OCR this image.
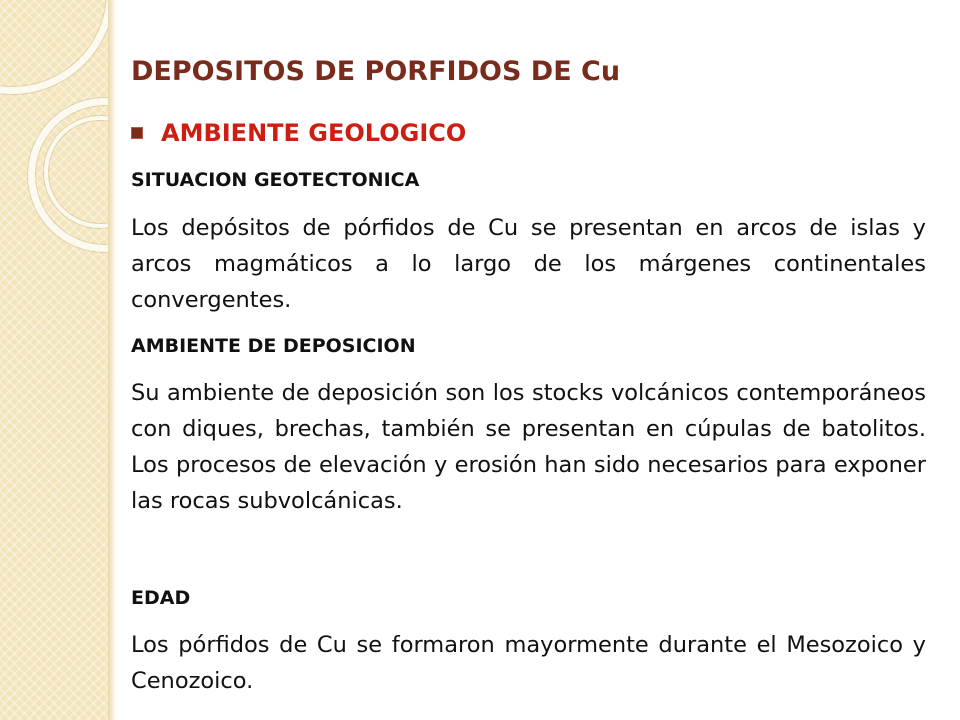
DEPOSITOS DE PORFIDOS DE Cu
AMBIENTE GEOLOGICO
SITUACION GEOTECTONICA

Los depósitos de pórfidos de Cu se presentan en arcos de islas y arcos magmáticos a lo largo de los márgenes continentales convergentes.

AMBIENTE DE DEPOSICION

Su ambiente de deposición son los stocks volcánicos contemporáneos con diques, brechas, también se presentan en cúpulas de batolitos. Los procesos de elevación y erosión han sido necesarios para exponer las rocas subvolcánicas.

EDAD

Los pórfidos de Cu se formaron mayormente durante el Mesozoico y Cenozoico.
